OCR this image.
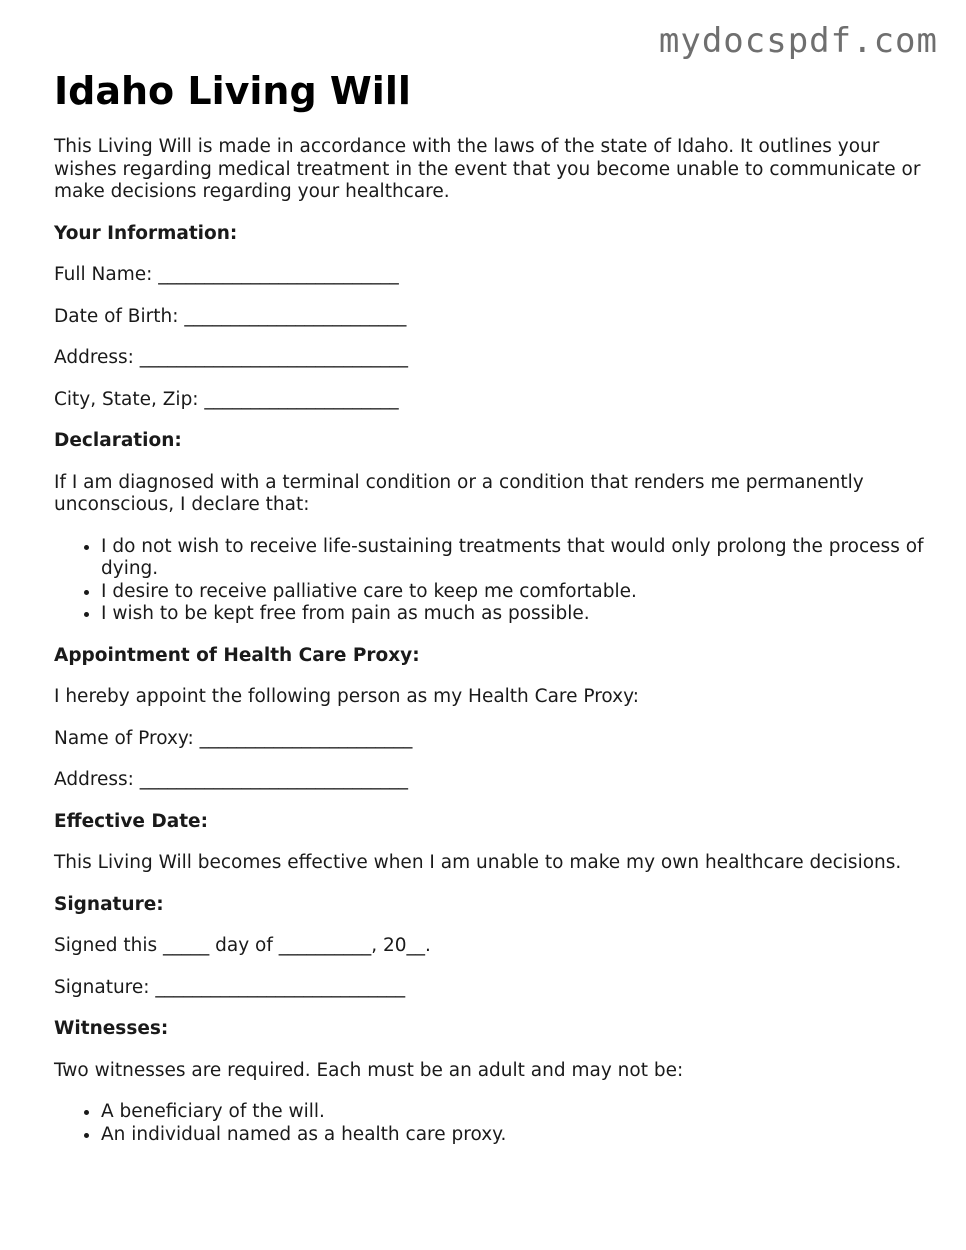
mydocspdf.com

Idaho Living Will

This Living Will is made in accordance with the laws of the state of Idaho. It outlines your wishes regarding medical treatment in the event that you become unable to communicate or make decisions regarding your healthcare.

Your Information:

Full Name: __________________________

Date of Birth: ________________________

Address: _____________________________

City, State, Zip: _____________________

Declaration:

If I am diagnosed with a terminal condition or a condition that renders me permanently unconscious, I declare that:

• I do not wish to receive life-sustaining treatments that would only prolong the process of dying.
• I desire to receive palliative care to keep me comfortable.
• I wish to be kept free from pain as much as possible.

Appointment of Health Care Proxy:

I hereby appoint the following person as my Health Care Proxy:

Name of Proxy: _______________________

Address: _____________________________

Effective Date:

This Living Will becomes effective when I am unable to make my own healthcare decisions.

Signature:

Signed this _____ day of __________, 20__.

Signature: ___________________________

Witnesses:

Two witnesses are required. Each must be an adult and may not be:

• A beneficiary of the will.
• An individual named as a health care proxy.
